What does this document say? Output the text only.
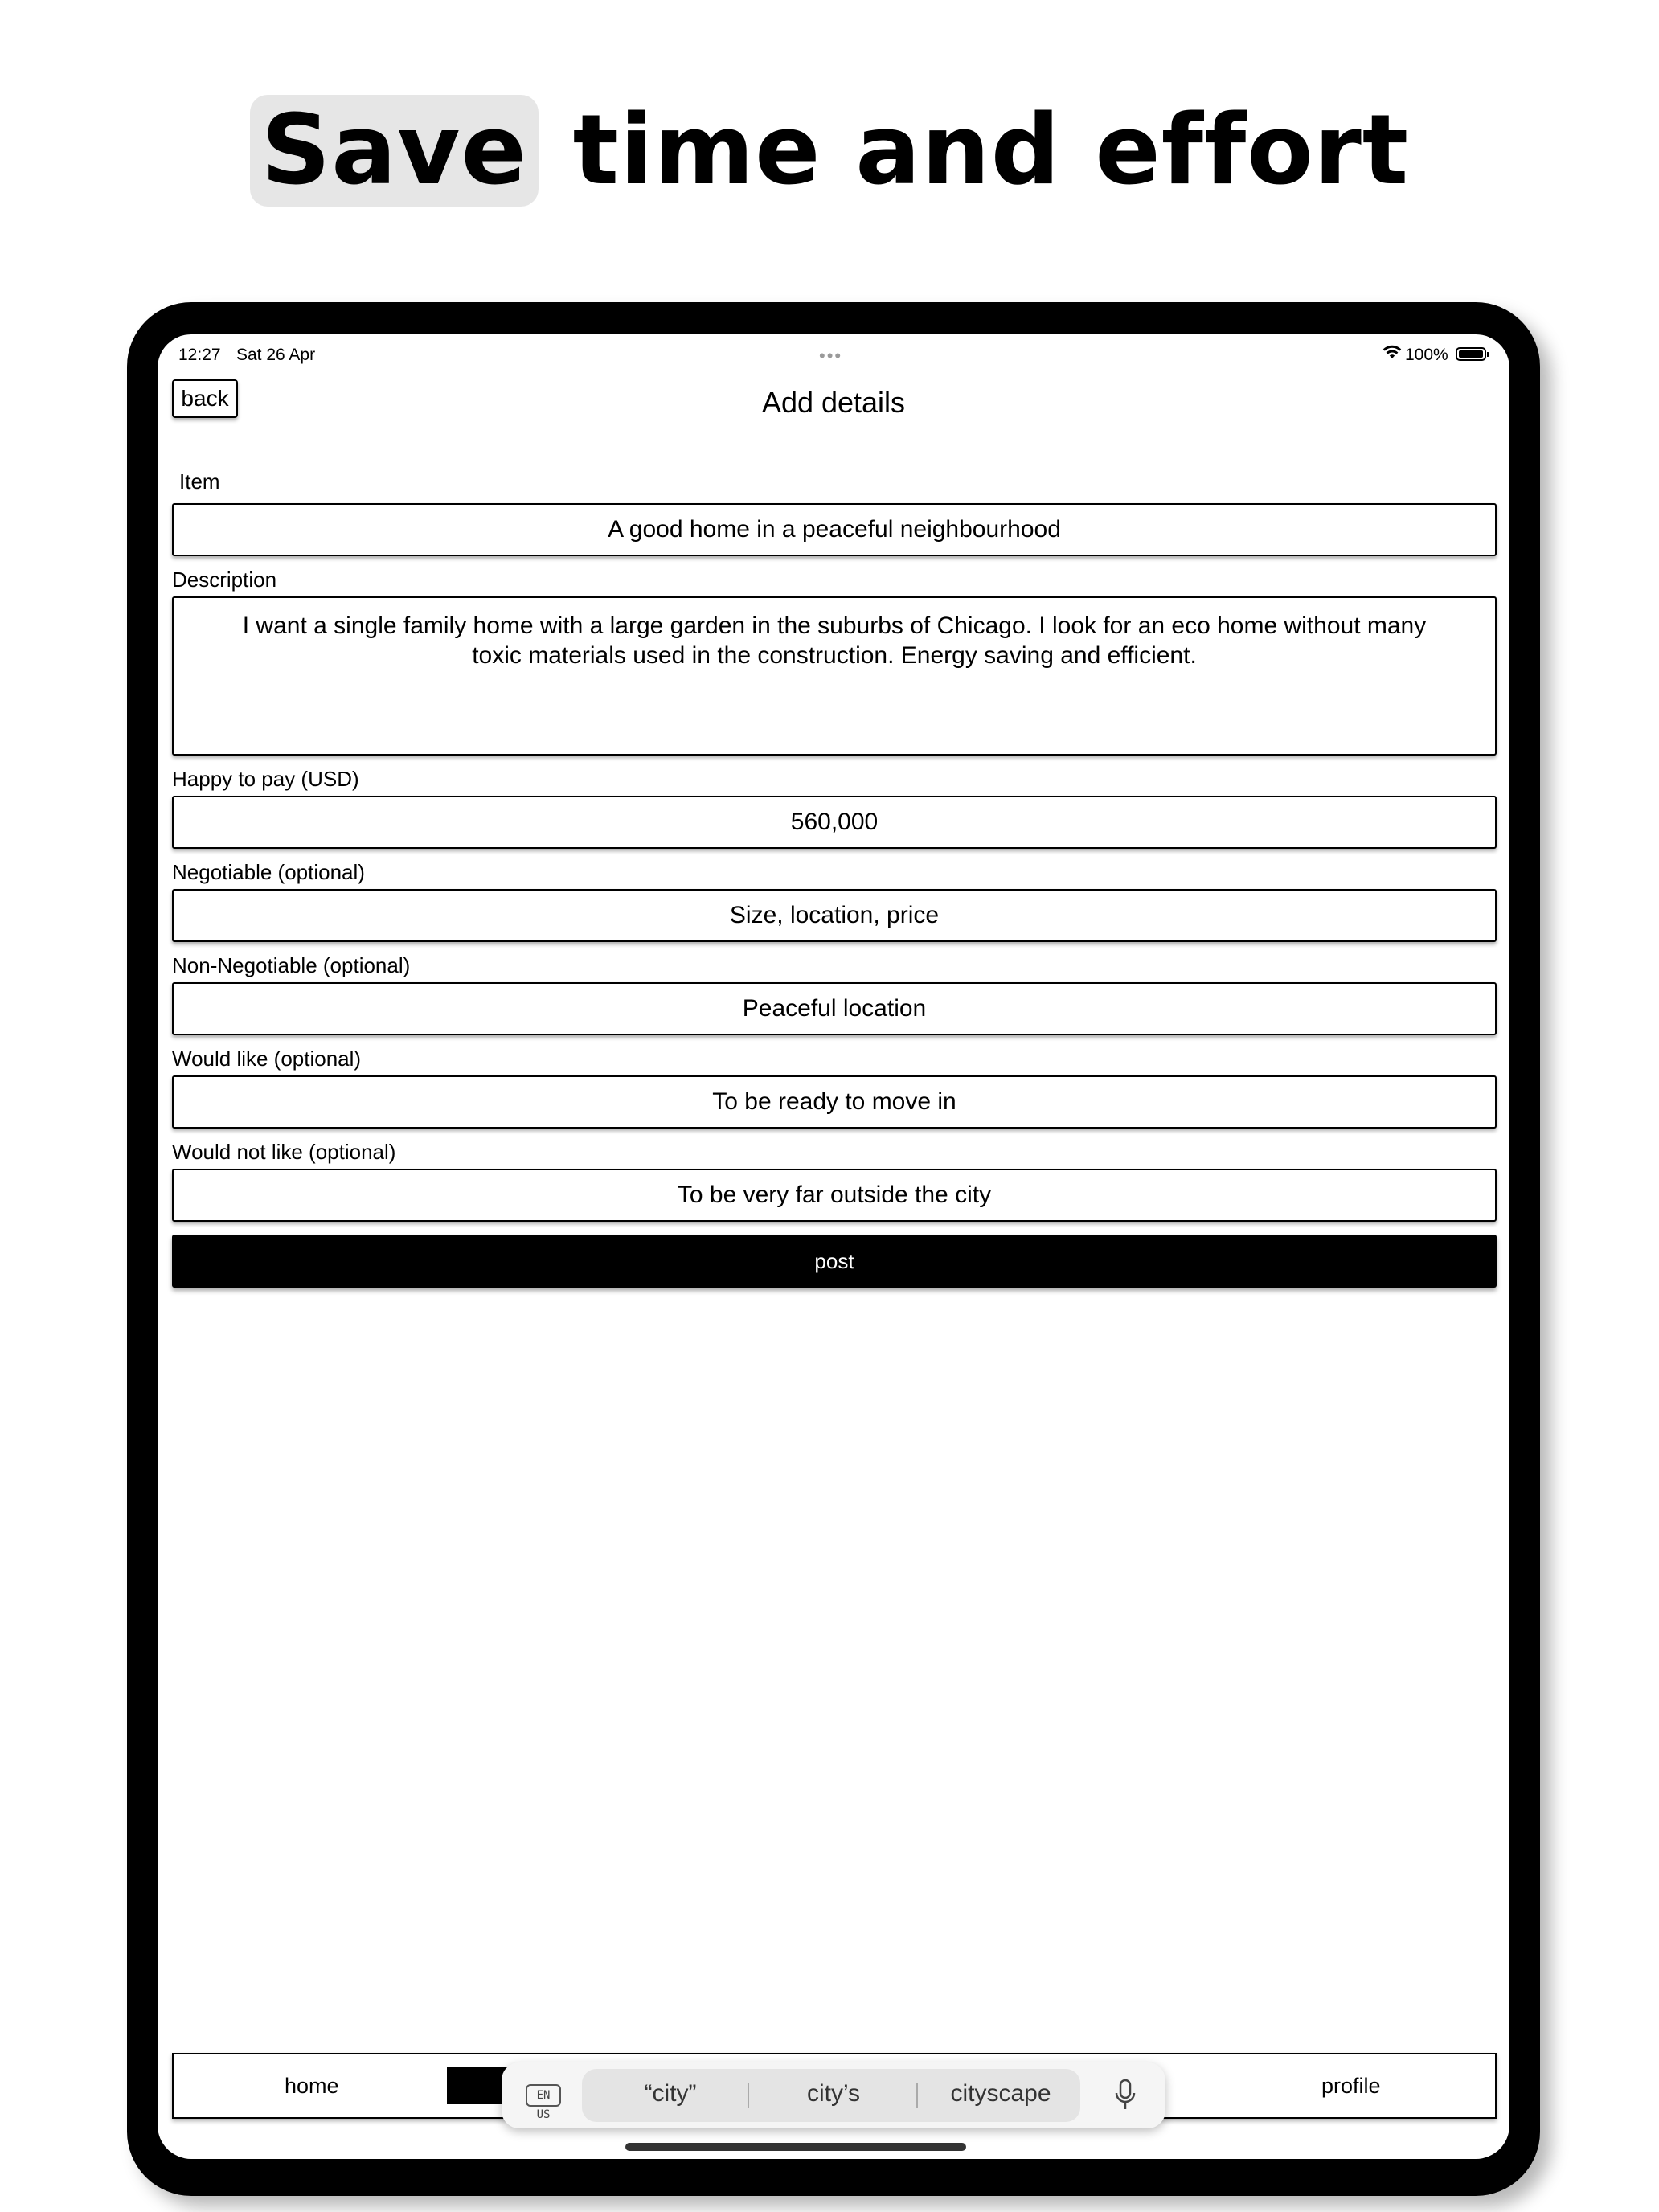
Save time and effort
12:27 Sat 26 Apr	•••	100%
back	Add details
Item
A good home in a peaceful neighbourhood
Description
I want a single family home with a large garden in the suburbs of Chicago. I look for an eco home without many toxic materials used in the construction. Energy saving and efficient.
Happy to pay (USD)
560,000
Negotiable (optional)
Size, location, price
Non-Negotiable (optional)
Peaceful location
Would like (optional)
To be ready to move in
Would not like (optional)
To be very far outside the city
post
home	profile
EN US
“city”	city’s	cityscape
